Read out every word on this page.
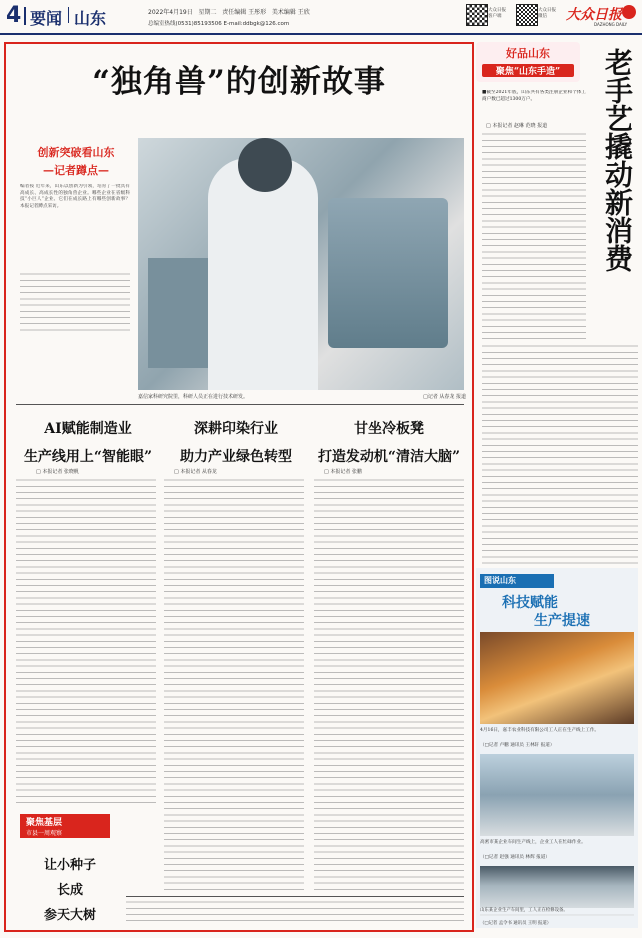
4 要闻 山东	2022年4月19日 星期二 责任编辑 王彤形 美术编辑 王欣
总编室热线(0531)85193506 E-mail:ddbgk@126.com
大众日报客户端
大众日报微信	大众日报
DAZHONG DAILY
“独角兽”的创新故事
创新突破看山东
—记者蹲点—
编者按 近年来，山东以创新为引领，培育了一批具有高成长、高成长性的独角兽企业。哪些企业在省级科技“小巨人”企业、它们在成长路上有哪些创新故事？本报记者蹲点采访。
嘉信家科研究院里，科研人员正在进行技术研发。	□记者 从春龙 报道
AI赋能制造业
生产线用上“智能眼”
深耕印染行业
助力产业绿色转型
甘坐冷板凳
打造发动机“清洁大脑”
□ 本报记者 张晓帆	□ 本报记者 从春龙	□ 本报记者 张鹏
聚焦基层
市县一周观察
让小种子
长成
参天大树
好品山东
聚焦“山东手造”	老手艺撬动新消费
■截至2021年底，山东共有各类注册企业和个体工商户数已超过1300万户。
□ 本报记者 赵琳 范晓 报道
图说山东
科技赋能
生产提速
4月16日，嘉丰农业科技有限公司工人正在生产线上工作。
（□记者 卢鹏 通讯员 王林轩 报道）
高密市某企业车间生产线上，企业工人在忙碌作业。
（□记者 赵强 通讯员 林辉 报道）
山东某企业生产车间里，工人正在检修设备。
（□记者 孟令书 通讯员 王明 报道）
